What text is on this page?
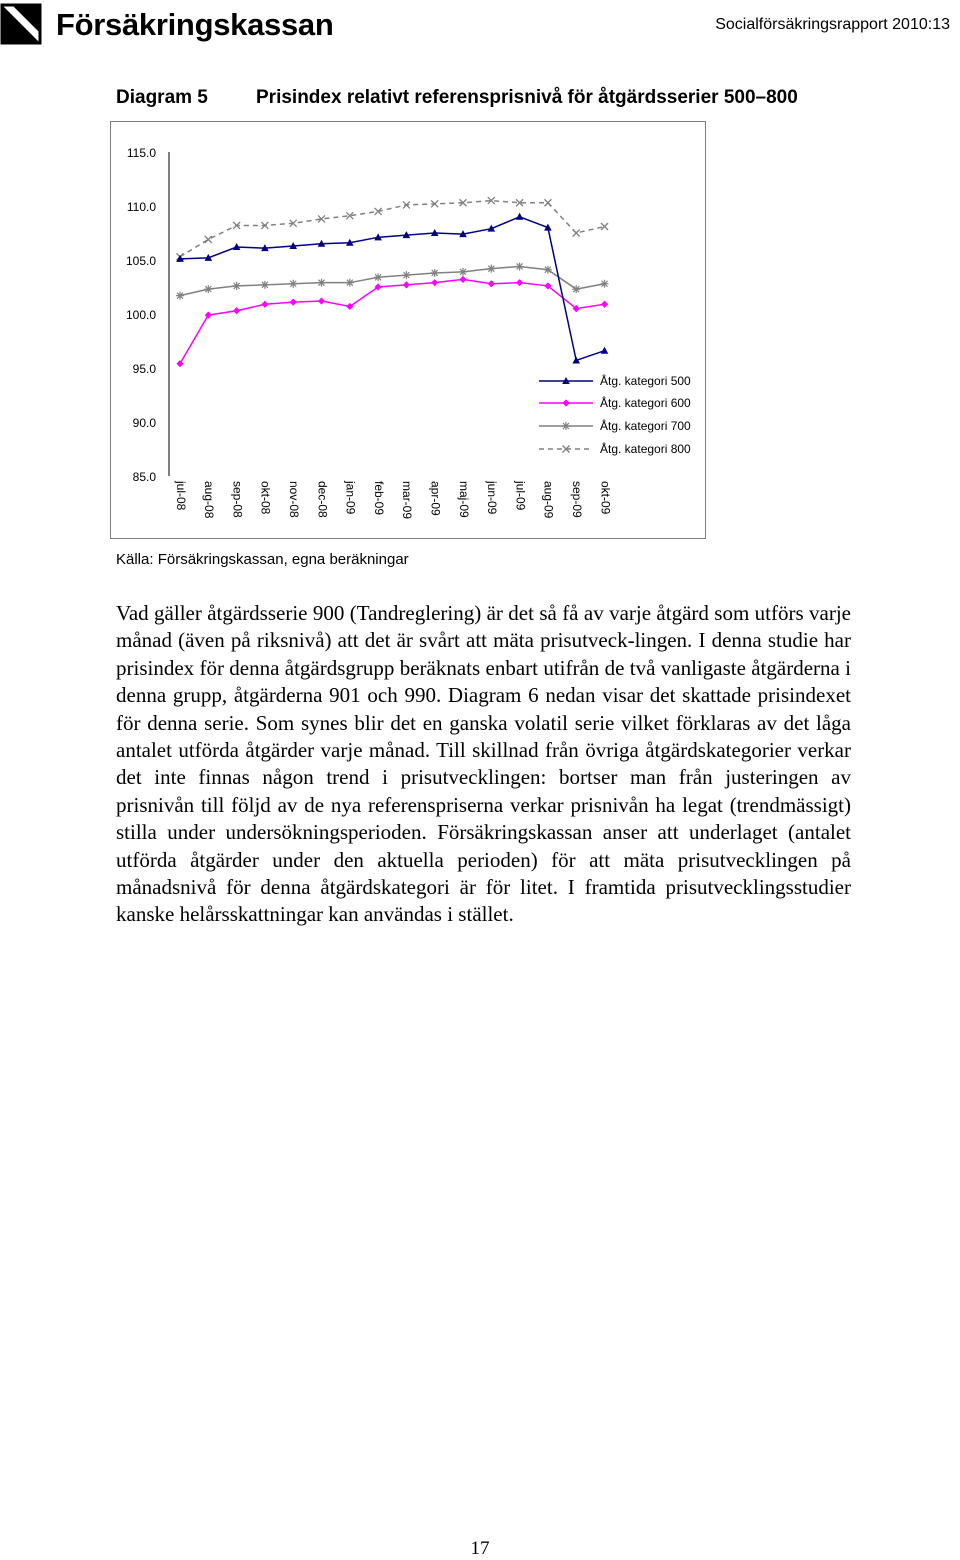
Försäkringskassan	Socialförsäkringsrapport 2010:13
Diagram 5	Prisindex relativt referensprisnivå för åtgärdsserier 500–800
115.0
110.0
105.0
100.0
95.0
90.0
85.0
jul-08 aug-08 sep-08 okt-08 nov-08 dec-08 jan-09 feb-09 mar-09 apr-09 maj-09 jun-09 jul-09 aug-09 sep-09 okt-09
Åtg. kategori 500
Åtg. kategori 600
Åtg. kategori 700
Åtg. kategori 800
Källa: Försäkringskassan, egna beräkningar

Vad gäller åtgärdsserie 900 (Tandreglering) är det så få av varje åtgärd som utförs varje månad (även på riksnivå) att det är svårt att mäta prisutveck-lingen. I denna studie har prisindex för denna åtgärdsgrupp beräknats enbart utifrån de två vanligaste åtgärderna i denna grupp, åtgärderna 901 och 990. Diagram 6 nedan visar det skattade prisindexet för denna serie. Som synes blir det en ganska volatil serie vilket förklaras av det låga antalet utförda åtgärder varje månad. Till skillnad från övriga åtgärdskategorier verkar det inte finnas någon trend i prisutvecklingen: bortser man från justeringen av prisnivån till följd av de nya referenspriserna verkar prisnivån ha legat (trendmässigt) stilla under undersökningsperioden. Försäkringskassan anser att underlaget (antalet utförda åtgärder under den aktuella perioden) för att mäta prisutvecklingen på månadsnivå för denna åtgärdskategori är för litet. I framtida prisutvecklingsstudier kanske helårsskattningar kan användas i stället.

17
